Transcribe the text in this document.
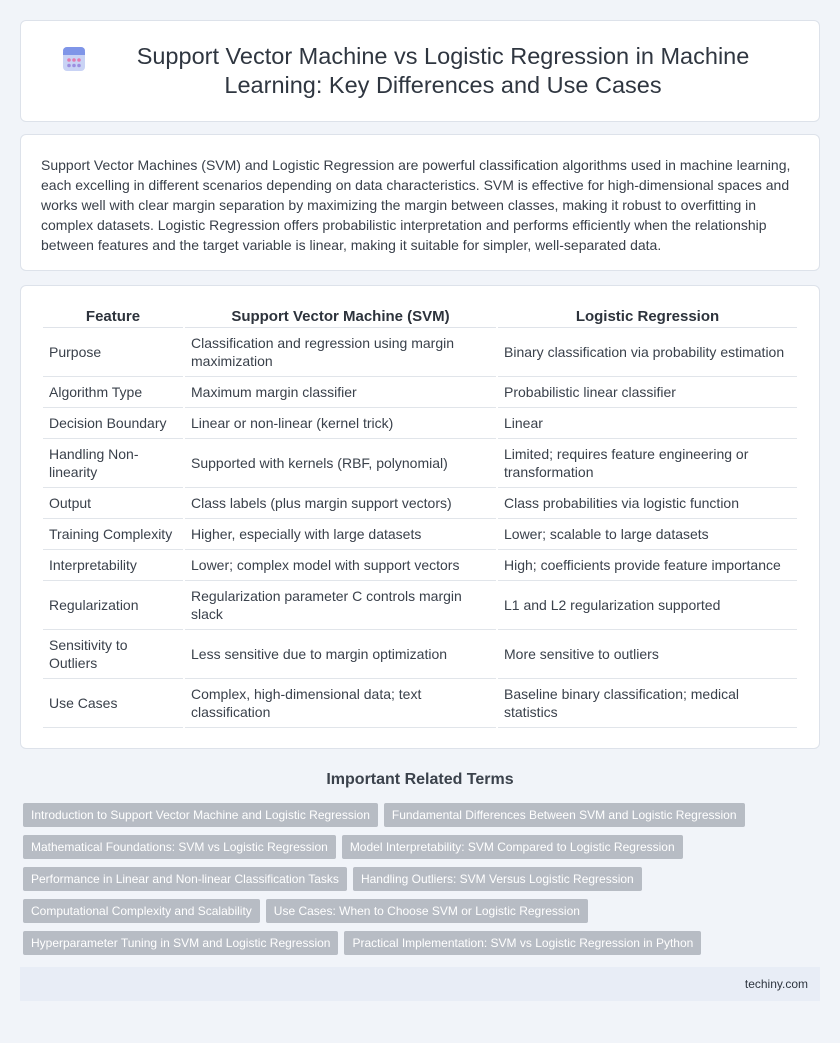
Support Vector Machine vs Logistic Regression in Machine Learning: Key Differences and Use Cases

Support Vector Machines (SVM) and Logistic Regression are powerful classification algorithms used in machine learning, each excelling in different scenarios depending on data characteristics. SVM is effective for high-dimensional spaces and works well with clear margin separation by maximizing the margin between classes, making it robust to overfitting in complex datasets. Logistic Regression offers probabilistic interpretation and performs efficiently when the relationship between features and the target variable is linear, making it suitable for simpler, well-separated data.

Feature	Support Vector Machine (SVM)	Logistic Regression
Purpose	Classification and regression using margin maximization	Binary classification via probability estimation
Algorithm Type	Maximum margin classifier	Probabilistic linear classifier
Decision Boundary	Linear or non-linear (kernel trick)	Linear
Handling Non-linearity	Supported with kernels (RBF, polynomial)	Limited; requires feature engineering or transformation
Output	Class labels (plus margin support vectors)	Class probabilities via logistic function
Training Complexity	Higher, especially with large datasets	Lower; scalable to large datasets
Interpretability	Lower; complex model with support vectors	High; coefficients provide feature importance
Regularization	Regularization parameter C controls margin slack	L1 and L2 regularization supported
Sensitivity to Outliers	Less sensitive due to margin optimization	More sensitive to outliers
Use Cases	Complex, high-dimensional data; text classification	Baseline binary classification; medical statistics
Important Related Terms
Introduction to Support Vector Machine and Logistic Regression	Fundamental Differences Between SVM and Logistic Regression
Mathematical Foundations: SVM vs Logistic Regression	Model Interpretability: SVM Compared to Logistic Regression
Performance in Linear and Non-linear Classification Tasks	Handling Outliers: SVM Versus Logistic Regression
Computational Complexity and Scalability	Use Cases: When to Choose SVM or Logistic Regression
Hyperparameter Tuning in SVM and Logistic Regression	Practical Implementation: SVM vs Logistic Regression in Python
techiny.com
